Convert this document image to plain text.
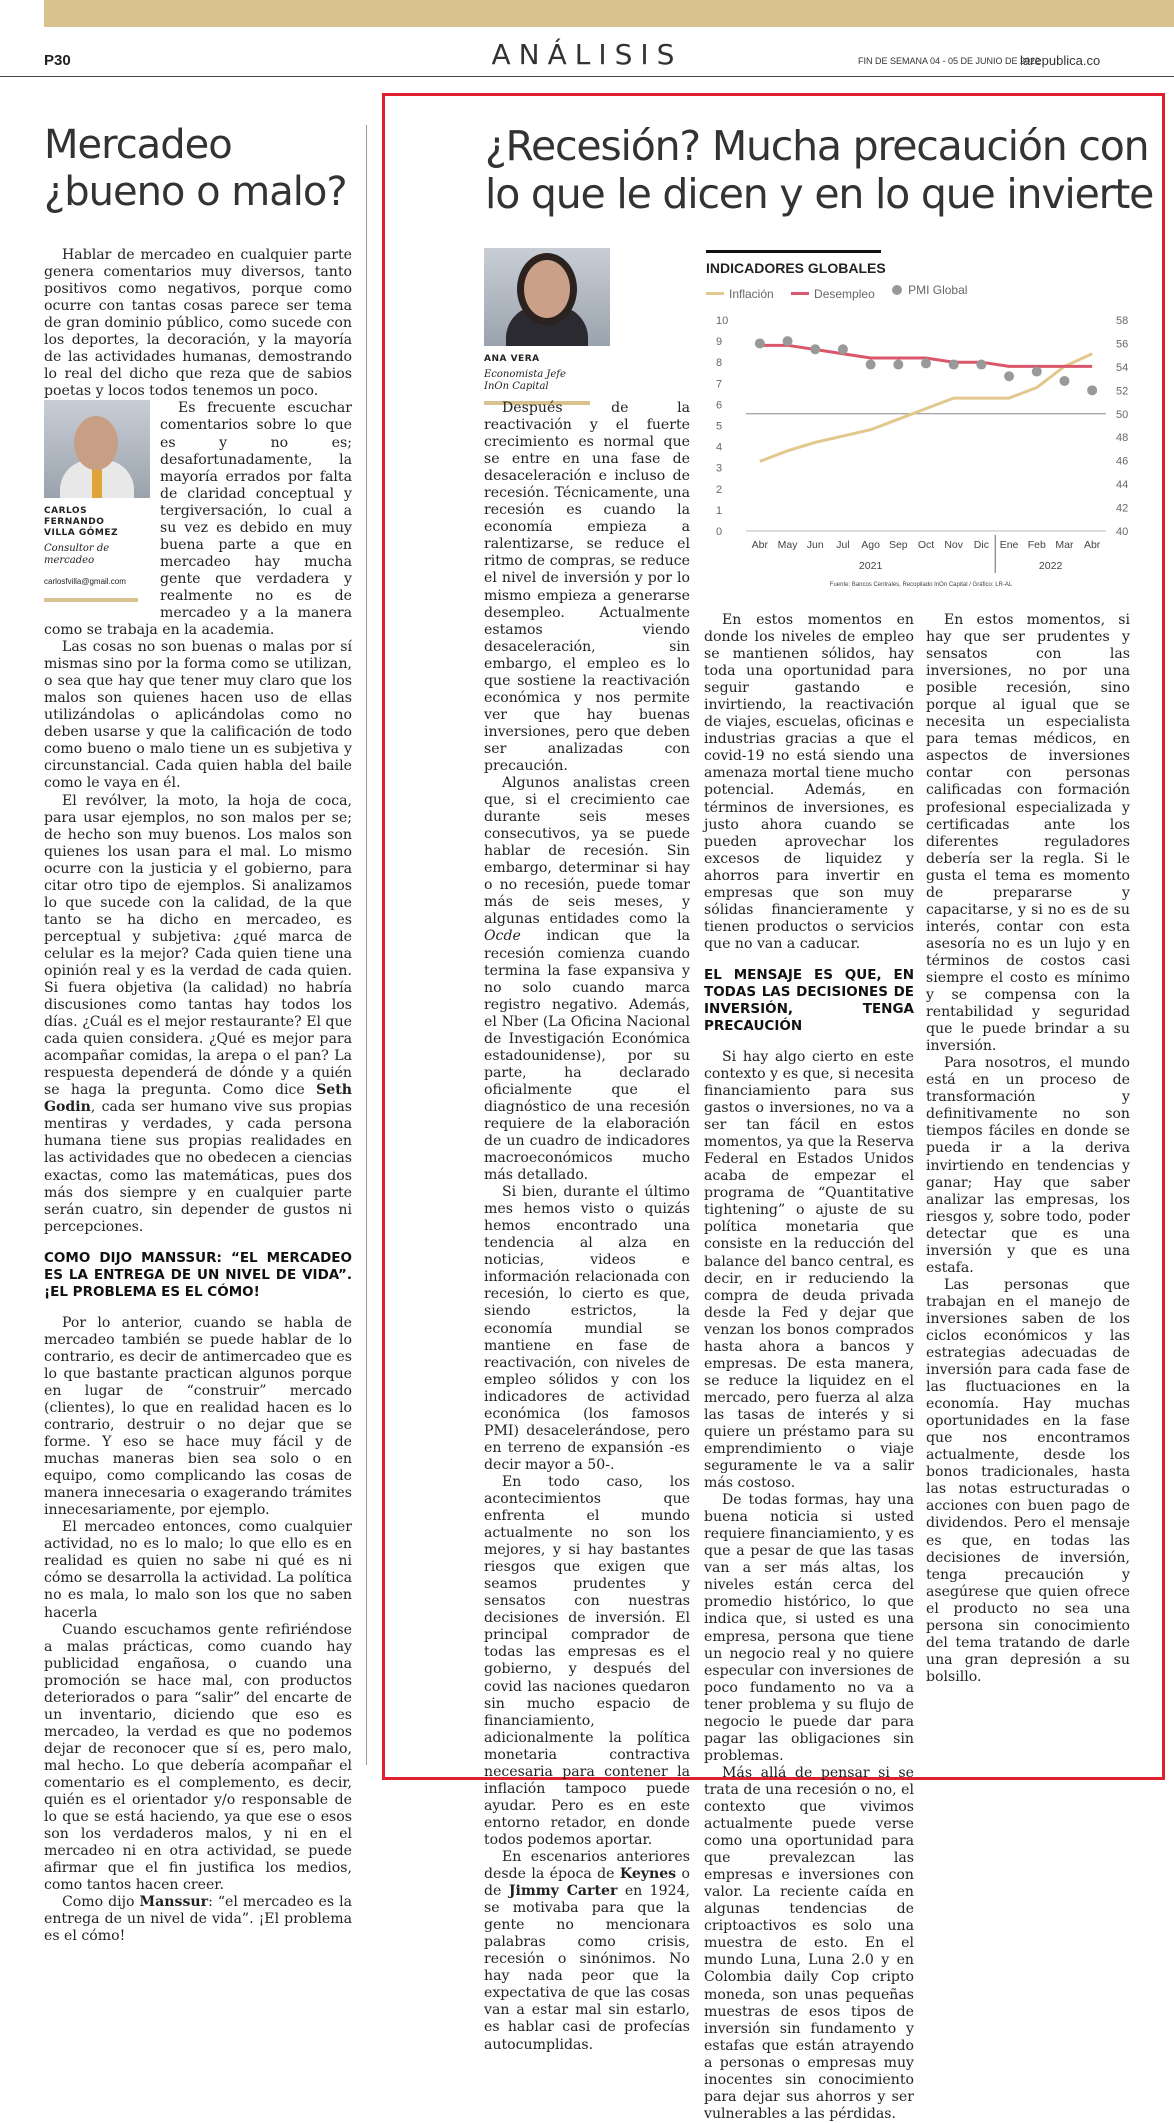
P30	ANÁLISIS	FIN DE SEMANA 04 - 05 DE JUNIO DE 2022
larepublica.co
Mercadeo
¿bueno o malo?
¿Recesión? Mucha precaución con
lo que le dicen y en lo que invierte

Hablar de mercadeo en cualquier parte genera comentarios muy diversos, tanto positivos como negativos, porque como ocurre con tantas cosas parece ser tema de gran dominio público, como sucede con los deportes, la decoración, y la mayoría de las actividades humanas, demostrando lo real del dicho que reza que de sabios poetas y locos todos tenemos un poco.

CARLOS
FERNANDO
VILLA GÓMEZ
Consultor de
mercadeo
carlosfvilla@gmail.com
Es frecuente escuchar comentarios sobre lo que es y no es; desafortunadamente, la mayoría errados por falta de claridad conceptual y tergiversación, lo cual a su vez es debido en muy buena parte a que en mercadeo hay mucha gente que verdadera y realmente no es de mercadeo y a la manera como se trabaja en la academia.

Las cosas no son buenas o malas por sí mismas sino por la forma como se utilizan, o sea que hay que tener muy claro que los malos son quienes hacen uso de ellas utilizándolas o aplicándolas como no deben usarse y que la calificación de todo como bueno o malo tiene un es subjetiva y circunstancial. Cada quien habla del baile como le vaya en él.

El revólver, la moto, la hoja de coca, para usar ejemplos, no son malos per se; de hecho son muy buenos. Los malos son quienes los usan para el mal. Lo mismo ocurre con la justicia y el gobierno, para citar otro tipo de ejemplos. Si analizamos lo que sucede con la calidad, de la que tanto se ha dicho en mercadeo, es perceptual y subjetiva: ¿qué marca de celular es la mejor? Cada quien tiene una opinión real y es la verdad de cada quien. Si fuera objetiva (la calidad) no habría discusiones como tantas hay todos los días. ¿Cuál es el mejor restaurante? El que cada quien considera. ¿Qué es mejor para acompañar comidas, la arepa o el pan? La respuesta dependerá de dónde y a quién se haga la pregunta. Como dice Seth Godin, cada ser humano vive sus propias mentiras y verdades, y cada persona humana tiene sus propias realidades en las actividades que no obedecen a ciencias exactas, como las matemáticas, pues dos más dos siempre y en cualquier parte serán cuatro, sin depender de gustos ni percepciones.

COMO DIJO MANSSUR: “EL MERCADEO ES LA ENTREGA DE UN NIVEL DE VIDA”. ¡EL PROBLEMA ES EL CÓMO!

Por lo anterior, cuando se habla de mercadeo también se puede hablar de lo contrario, es decir de antimercadeo que es lo que bastante practican algunos porque en lugar de “construir” mercado (clientes), lo que en realidad hacen es lo contrario, destruir o no dejar que se forme. Y eso se hace muy fácil y de muchas maneras bien sea solo o en equipo, como complicando las cosas de manera innecesaria o exagerando trámites innecesariamente, por ejemplo.

El mercadeo entonces, como cualquier actividad, no es lo malo; lo que ello es en realidad es quien no sabe ni qué es ni cómo se desarrolla la actividad. La política no es mala, lo malo son los que no saben hacerla

Cuando escuchamos gente refiriéndose a malas prácticas, como cuando hay publicidad engañosa, o cuando una promoción se hace mal, con productos deteriorados o para “salir” del encarte de un inventario, diciendo que eso es mercadeo, la verdad es que no podemos dejar de reconocer que sí es, pero malo, mal hecho. Lo que debería acompañar el comentario es el complemento, es decir, quién es el orientador y/o responsable de lo que se está haciendo, ya que ese o esos son los verdaderos malos, y ni en el mercadeo ni en otra actividad, se puede afirmar que el fin justifica los medios, como tantos hacen creer.

Como dijo Manssur: “el mercadeo es la entrega de un nivel de vida”. ¡El problema es el cómo!

ANA VERA
Economista Jefe
InOn Capital

Después de la reactivación y el fuerte crecimiento es normal que se entre en una fase de desaceleración e incluso de recesión. Técnicamente, una recesión es cuando la economía empieza a ralentizarse, se reduce el ritmo de compras, se reduce el nivel de inversión y por lo mismo empieza a generarse desempleo. Actualmente estamos viendo desaceleración, sin embargo, el empleo es lo que sostiene la reactivación económica y nos permite ver que hay buenas inversiones, pero que deben ser analizadas con precaución.

Algunos analistas creen que, si el crecimiento cae durante seis meses consecutivos, ya se puede hablar de recesión. Sin embargo, determinar si hay o no recesión, puede tomar más de seis meses, y algunas entidades como la Ocde indican que la recesión comienza cuando termina la fase expansiva y no solo cuando marca registro negativo. Además, el Nber (La Oficina Nacional de Investigación Económica estadounidense), por su parte, ha declarado oficialmente que el diagnóstico de una recesión requiere de la elaboración de un cuadro de indicadores macroeconómicos mucho más detallado.

Si bien, durante el último mes hemos visto o quizás hemos encontrado una tendencia al alza en noticias, videos e información relacionada con recesión, lo cierto es que, siendo estrictos, la economía mundial se mantiene en fase de reactivación, con niveles de empleo sólidos y con los indicadores de actividad económica (los famosos PMI) desacelerándose, pero en terreno de expansión -es decir mayor a 50-.

En todo caso, los acontecimientos que enfrenta el mundo actualmente no son los mejores, y si hay bastantes riesgos que exigen que seamos prudentes y sensatos con nuestras decisiones de inversión. El principal comprador de todas las empresas es el gobierno, y después del covid las naciones quedaron sin mucho espacio de financiamiento, adicionalmente la política monetaria contractiva necesaria para contener la inflación tampoco puede ayudar. Pero es en este entorno retador, en donde todos podemos aportar.

En escenarios anteriores desde la época de Keynes o de Jimmy Carter en 1924, se motivaba para que la gente no mencionara palabras como crisis, recesión o sinónimos. No hay nada peor que la expectativa de que las cosas van a estar mal sin estarlo, es hablar casi de profecías autocumplidas.

0
1
2
3
4
5
6
7
8
9
10
40
42
44
46
48
50
52
54
56
58
Abr May Jun Jul Ago Sep Oct Nov Dic Ene Feb Mar Abr
2021	2022
INDICADORES GLOBALES
Inflación
	Desempleo
	PMI Global
Fuente: Bancos Centrales, Recopilado InOn Capital / Gráfico: LR-AL

En estos momentos en donde los niveles de empleo se mantienen sólidos, hay toda una oportunidad para seguir gastando e invirtiendo, la reactivación de viajes, escuelas, oficinas e industrias gracias a que el covid-19 no está siendo una amenaza mortal tiene mucho potencial. Además, en términos de inversiones, es justo ahora cuando se pueden aprovechar los excesos de liquidez y ahorros para invertir en empresas que son muy sólidas financieramente y tienen productos o servicios que no van a caducar.

EL MENSAJE ES QUE, EN TODAS LAS DECISIONES DE INVERSIÓN, TENGA PRECAUCIÓN

Si hay algo cierto en este contexto y es que, si necesita financiamiento para sus gastos o inversiones, no va a ser tan fácil en estos momentos, ya que la Reserva Federal en Estados Unidos acaba de empezar el programa de “Quantitative tightening” o ajuste de su política monetaria que consiste en la reducción del balance del banco central, es decir, en ir reduciendo la compra de deuda privada desde la Fed y dejar que venzan los bonos comprados hasta ahora a bancos y empresas. De esta manera, se reduce la liquidez en el mercado, pero fuerza al alza las tasas de interés y si quiere un préstamo para su emprendimiento o viaje seguramente le va a salir más costoso.

De todas formas, hay una buena noticia si usted requiere financiamiento, y es que a pesar de que las tasas van a ser más altas, los niveles están cerca del promedio histórico, lo que indica que, si usted es una empresa, persona que tiene un negocio real y no quiere especular con inversiones de poco fundamento no va a tener problema y su flujo de negocio le puede dar para pagar las obligaciones sin problemas.

Más allá de pensar si se trata de una recesión o no, el contexto que vivimos actualmente puede verse como una oportunidad para que prevalezcan las empresas e inversiones con valor. La reciente caída en algunas tendencias de criptoactivos es solo una muestra de esto. En el mundo Luna, Luna 2.0 y en Colombia daily Cop cripto moneda, son unas pequeñas muestras de esos tipos de inversión sin fundamento y estafas que están atrayendo a personas o empresas muy inocentes sin conocimiento para dejar sus ahorros y ser vulnerables a las pérdidas.

En estos momentos, si hay que ser prudentes y sensatos con las inversiones, no por una posible recesión, sino porque al igual que se necesita un especialista para temas médicos, en aspectos de inversiones contar con personas calificadas con formación profesional especializada y certificadas ante los diferentes reguladores debería ser la regla. Si le gusta el tema es momento de prepararse y capacitarse, y si no es de su interés, contar con esta asesoría no es un lujo y en términos de costos casi siempre el costo es mínimo y se compensa con la rentabilidad y seguridad que le puede brindar a su inversión.

Para nosotros, el mundo está en un proceso de transformación y definitivamente no son tiempos fáciles en donde se pueda ir a la deriva invirtiendo en tendencias y ganar; Hay que saber analizar las empresas, los riesgos y, sobre todo, poder detectar que es una inversión y que es una estafa.

Las personas que trabajan en el manejo de inversiones saben de los ciclos económicos y las estrategias adecuadas de inversión para cada fase de las fluctuaciones en la economía. Hay muchas oportunidades en la fase que nos encontramos actualmente, desde los bonos tradicionales, hasta las notas estructuradas o acciones con buen pago de dividendos. Pero el mensaje es que, en todas las decisiones de inversión, tenga precaución y asegúrese que quien ofrece el producto no sea una persona sin conocimiento del tema tratando de darle una gran depresión a su bolsillo.
